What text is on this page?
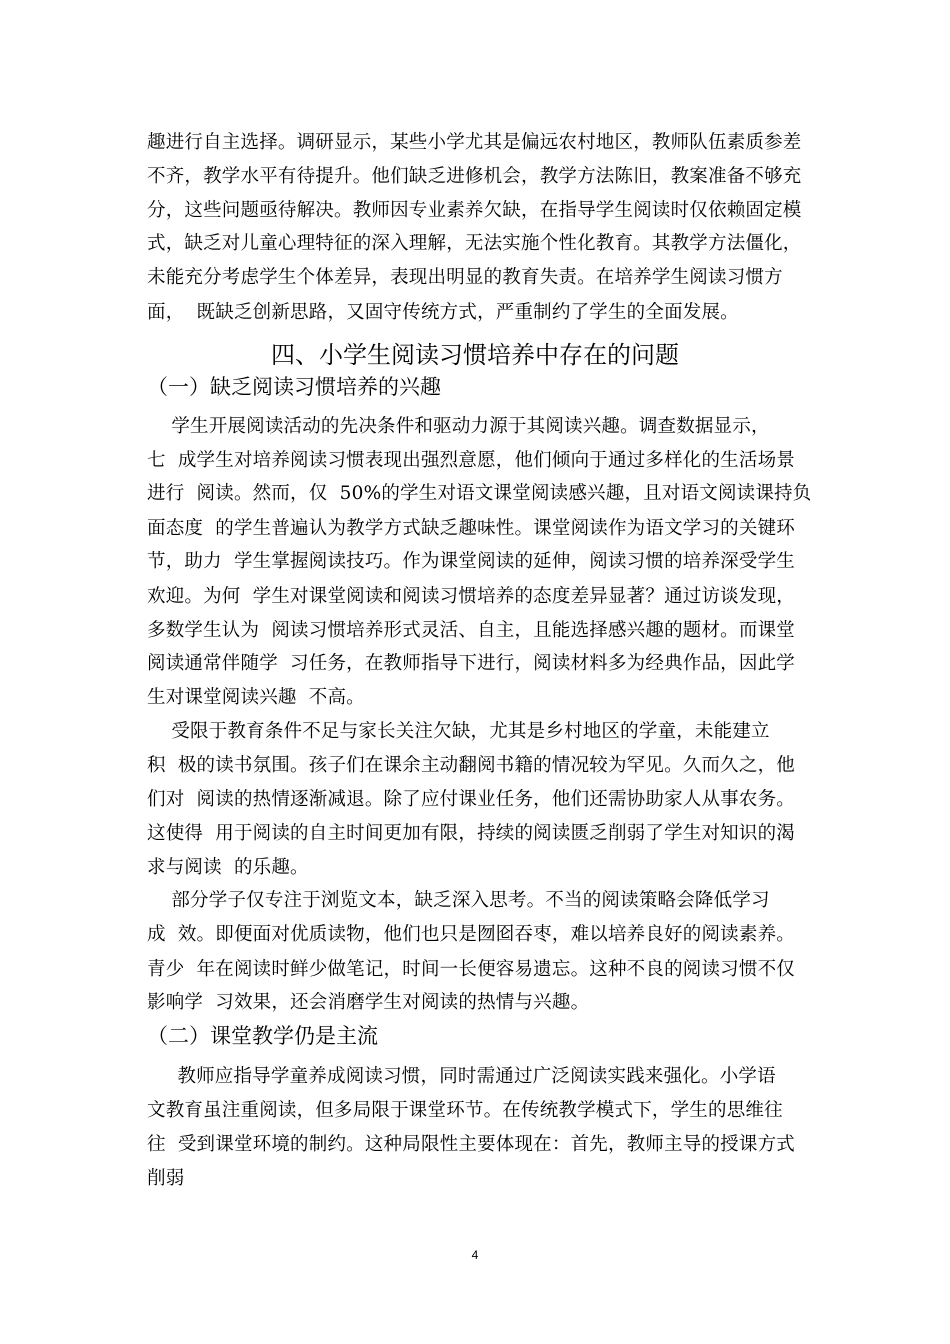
趣进行自主选择。调研显示，某些小学尤其是偏远农村地区，教师队伍素质参差
不齐，教学水平有待提升。他们缺乏进修机会，教学方法陈旧，教案准备不够充
分，这些问题亟待解决。教师因专业素养欠缺，在指导学生阅读时仅依赖固定模
式，缺乏对儿童心理特征的深入理解，无法实施个性化教育。其教学方法僵化，
未能充分考虑学生个体差异，表现出明显的教育失责。在培养学生阅读习惯方
面，  既缺乏创新思路，又固守传统方式，严重制约了学生的全面发展。
四、小学生阅读习惯培养中存在的问题
（一）缺乏阅读习惯培养的兴趣
学生开展阅读活动的先决条件和驱动力源于其阅读兴趣。调查数据显示，
七  成学生对培养阅读习惯表现出强烈意愿，他们倾向于通过多样化的生活场景
进行  阅读。然而，仅  50%的学生对语文课堂阅读感兴趣，且对语文阅读课持负
面态度  的学生普遍认为教学方式缺乏趣味性。课堂阅读作为语文学习的关键环
节，助力  学生掌握阅读技巧。作为课堂阅读的延伸，阅读习惯的培养深受学生
欢迎。为何  学生对课堂阅读和阅读习惯培养的态度差异显著？通过访谈发现，
多数学生认为  阅读习惯培养形式灵活、自主，且能选择感兴趣的题材。而课堂
阅读通常伴随学  习任务，在教师指导下进行，阅读材料多为经典作品，因此学
生对课堂阅读兴趣  不高。
受限于教育条件不足与家长关注欠缺，尤其是乡村地区的学童，未能建立
积  极的读书氛围。孩子们在课余主动翻阅书籍的情况较为罕见。久而久之，他
们对  阅读的热情逐渐减退。除了应付课业任务，他们还需协助家人从事农务。
这使得  用于阅读的自主时间更加有限，持续的阅读匮乏削弱了学生对知识的渴
求与阅读  的乐趣。
部分学子仅专注于浏览文本，缺乏深入思考。不当的阅读策略会降低学习
成  效。即便面对优质读物，他们也只是囫囵吞枣，难以培养良好的阅读素养。
青少  年在阅读时鲜少做笔记，时间一长便容易遗忘。这种不良的阅读习惯不仅
影响学  习效果，还会消磨学生对阅读的热情与兴趣。
（二）课堂教学仍是主流
教师应指导学童养成阅读习惯，同时需通过广泛阅读实践来强化。小学语
文教育虽注重阅读，但多局限于课堂环节。在传统教学模式下，学生的思维往
往  受到课堂环境的制约。这种局限性主要体现在：首先，教师主导的授课方式
削弱
4
